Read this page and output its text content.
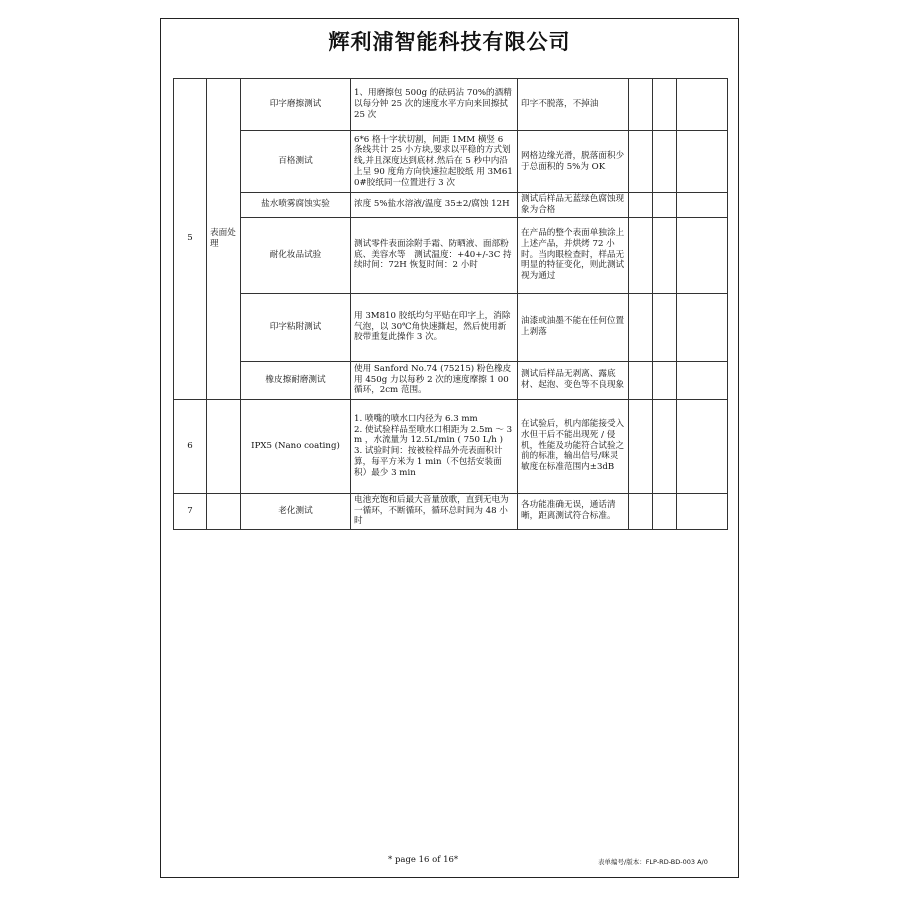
辉利浦智能科技有限公司
5	表面处理	印字磨擦测试	1、用磨擦包 500g 的砝码沾 70%的酒精以每分钟 25 次的速度水平方向来回擦拭 25 次	印字不脱落，不掉油			
		百格测试	6*6 格十字状切割，间距 1MM 横竖 6 条线共计 25 小方块,要求以平稳的方式划线,并且深度达到底材.然后在 5 秒中内沿上呈 90 度角方向快速拉起胶纸 用 3M610#胶纸同一位置进行 3 次	网格边缘光滑，脱落面积少于总面积的 5%为 OK			
		盐水喷雾腐蚀实验	浓度 5%盐水溶液/温度 35±2/腐蚀 12H	测试后样品无蓝绿色腐蚀现象为合格			
		耐化妆品试验	测试零件表面涂附手霜、防晒液、面部粉底、美容水等　测试温度：+40+/-3C 持续时间：72H 恢复时间：2 小时	在产品的整个表面单独涂上上述产品，并烘烤 72 小时。当肉眼检查时，样品无明显的特征变化，则此测试视为通过			
		印字粘附测试	用 3M810 胶纸均匀平贴在印字上，消除气泡，以 30℃角快速撕起，然后使用新胶带重复此操作 3 次。	油漆或油墨不能在任何位置上剥落			
		橡皮擦耐磨测试	使用 Sanford No.74 (75215) 粉色橡皮用 450g 力以每秒 2 次的速度摩擦 1 00 循环，2cm 范围。	测试后样品无剥离、露底材、起泡、变色等不良现象			
6		IPX5 (Nano coating)	1. 喷嘴的喷水口内径为 6.3 mm
2. 使试验样品至喷水口相距为 2.5m ～ 3m ，水流量为 12.5L/min ( 750 L/h )
3. 试验时间：按被检样品外壳表面积计算，每平方米为 1 min（不包括安装面积）最少 3 min	在试验后，机内部能接受入水但干后不能出现死 / 侵机，性能及功能符合试验之前的标准，输出信号/咪灵敏度在标准范围内±3dB			
7		老化测试	电池充饱和后最大音量放歌，直到无电为一循环，不断循环，循环总时间为 48 小时	各功能准确无误，通话清晰，距离测试符合标准。			
* page 16 of 16*	表单编号/版本：FLP-RD-BD-003 A/0
